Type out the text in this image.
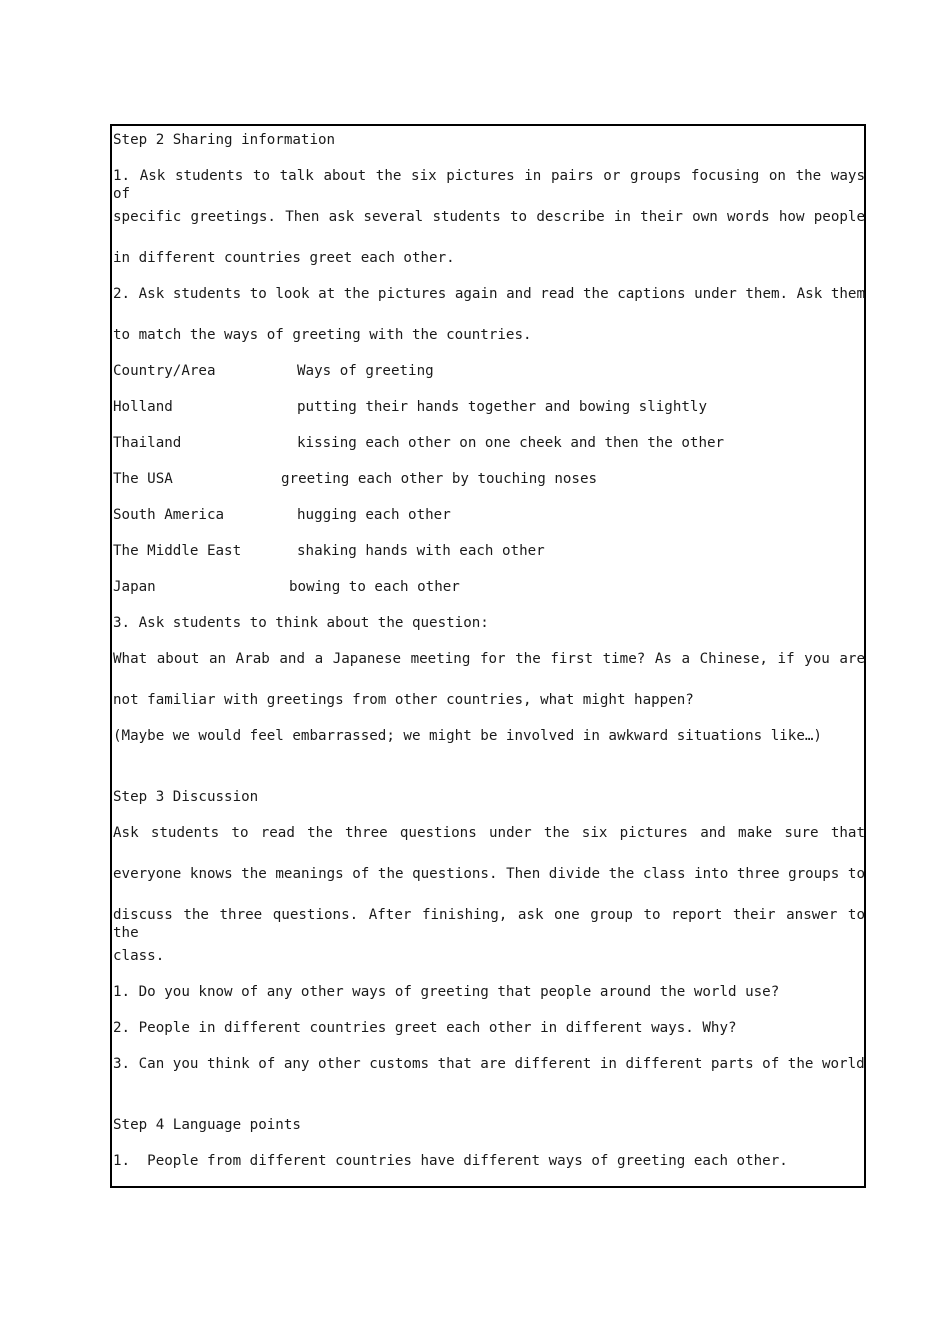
Step 2 Sharing information
1. Ask students to talk about the six pictures in pairs or groups focusing on the ways of
specific greetings. Then ask several students to describe in their own words how people
in different countries greet each other.
2. Ask students to look at the pictures again and read the captions under them. Ask them
to match the ways of greeting with the countries.
Country/Area	Ways of greeting
Holland	putting their hands together and bowing slightly
Thailand	kissing each other on one cheek and then the other
The USA	greeting each other by touching noses
South America	hugging each other
The Middle East	shaking hands with each other
Japan	bowing to each other
3. Ask students to think about the question:
What about an Arab and a Japanese meeting for the first time? As a Chinese, if you are
not familiar with greetings from other countries, what might happen?
(Maybe we would feel embarrassed; we might be involved in awkward situations like…)
Step 3 Discussion
Ask students to read the three questions under the six pictures and make sure that
everyone knows the meanings of the questions. Then divide the class into three groups to
discuss the three questions. After finishing, ask one group to report their answer to the
class.
1. Do you know of any other ways of greeting that people around the world use?
2. People in different countries greet each other in different ways. Why?
3. Can you think of any other customs that are different in different parts of the world
Step 4 Language points
1.  People from different countries have different ways of greeting each other.
